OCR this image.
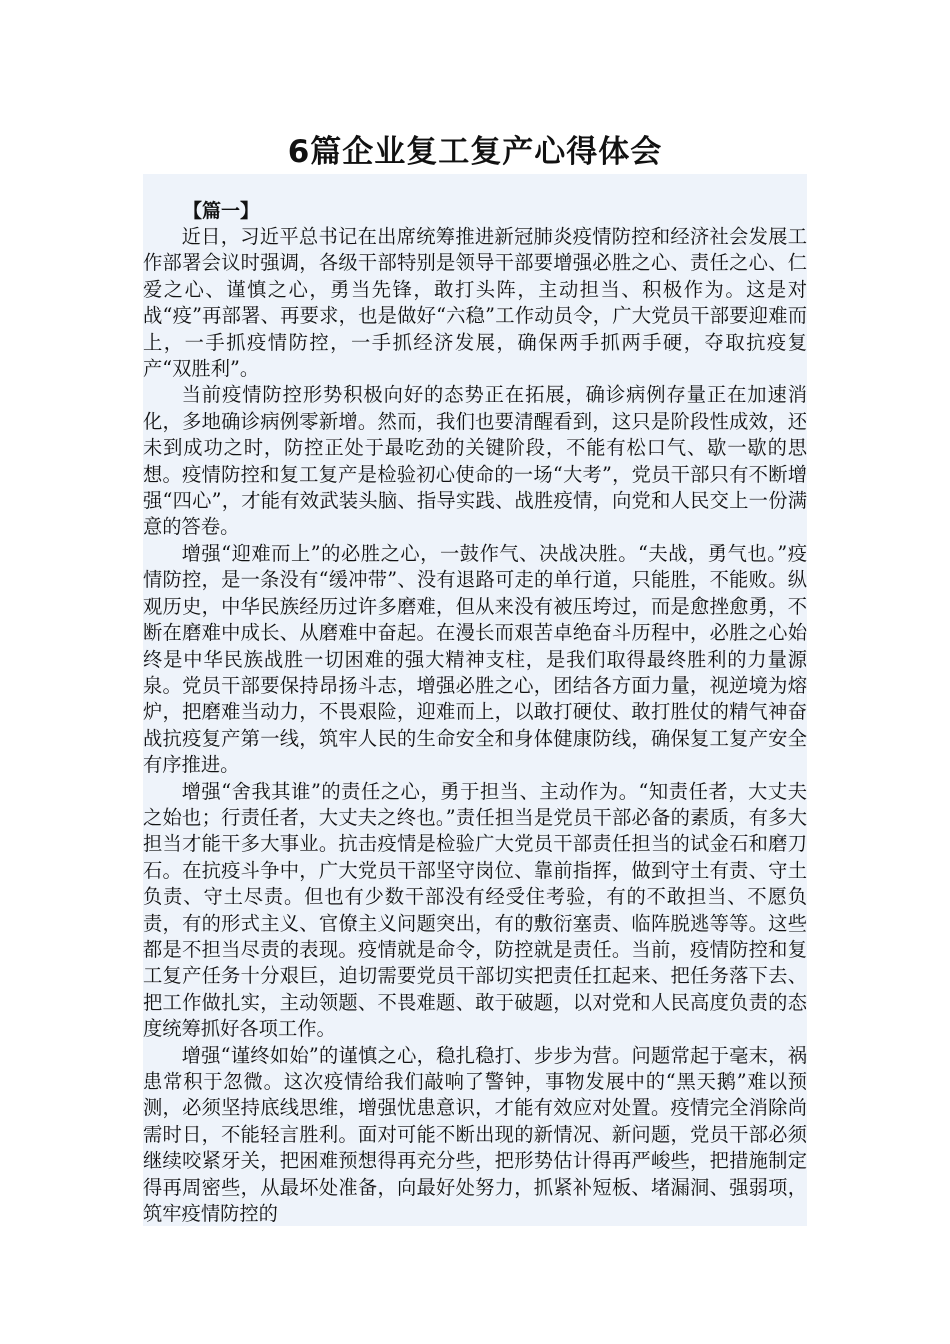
6篇企业复工复产心得体会

【篇一】

近日，习近平总书记在出席统筹推进新冠肺炎疫情防控和经济社会发展工作部署会议时强调，各级干部特别是领导干部要增强必胜之心、责任之心、仁爱之心、谨慎之心，勇当先锋，敢打头阵，主动担当、积极作为。这是对战“疫”再部署、再要求，也是做好“六稳”工作动员令，广大党员干部要迎难而上，一手抓疫情防控，一手抓经济发展，确保两手抓两手硬，夺取抗疫复产“双胜利”。

当前疫情防控形势积极向好的态势正在拓展，确诊病例存量正在加速消化，多地确诊病例零新增。然而，我们也要清醒看到，这只是阶段性成效，还未到成功之时，防控正处于最吃劲的关键阶段，不能有松口气、歇一歇的思想。疫情防控和复工复产是检验初心使命的一场“大考”，党员干部只有不断增强“四心”，才能有效武装头脑、指导实践、战胜疫情，向党和人民交上一份满意的答卷。

增强“迎难而上”的必胜之心，一鼓作气、决战决胜。“夫战，勇气也。”疫情防控，是一条没有“缓冲带”、没有退路可走的单行道，只能胜，不能败。纵观历史，中华民族经历过许多磨难，但从来没有被压垮过，而是愈挫愈勇，不断在磨难中成长、从磨难中奋起。在漫长而艰苦卓绝奋斗历程中，必胜之心始终是中华民族战胜一切困难的强大精神支柱，是我们取得最终胜利的力量源泉。党员干部要保持昂扬斗志，增强必胜之心，团结各方面力量，视逆境为熔炉，把磨难当动力，不畏艰险，迎难而上，以敢打硬仗、敢打胜仗的精气神奋战抗疫复产第一线，筑牢人民的生命安全和身体健康防线，确保复工复产安全有序推进。

增强“舍我其谁”的责任之心，勇于担当、主动作为。“知责任者，大丈夫之始也；行责任者，大丈夫之终也。”责任担当是党员干部必备的素质，有多大担当才能干多大事业。抗击疫情是检验广大党员干部责任担当的试金石和磨刀石。在抗疫斗争中，广大党员干部坚守岗位、靠前指挥，做到守土有责、守土负责、守土尽责。但也有少数干部没有经受住考验，有的不敢担当、不愿负责，有的形式主义、官僚主义问题突出，有的敷衍塞责、临阵脱逃等等。这些都是不担当尽责的表现。疫情就是命令，防控就是责任。当前，疫情防控和复工复产任务十分艰巨，迫切需要党员干部切实把责任扛起来、把任务落下去、把工作做扎实，主动领题、不畏难题、敢于破题，以对党和人民高度负责的态度统筹抓好各项工作。

增强“谨终如始”的谨慎之心，稳扎稳打、步步为营。问题常起于毫末，祸患常积于忽微。这次疫情给我们敲响了警钟，事物发展中的“黑天鹅”难以预测，必须坚持底线思维，增强忧患意识，才能有效应对处置。疫情完全消除尚需时日，不能轻言胜利。面对可能不断出现的新情况、新问题，党员干部必须继续咬紧牙关，把困难预想得再充分些，把形势估计得再严峻些，把措施制定得再周密些，从最坏处准备，向最好处努力，抓紧补短板、堵漏洞、强弱项，筑牢疫情防控的
